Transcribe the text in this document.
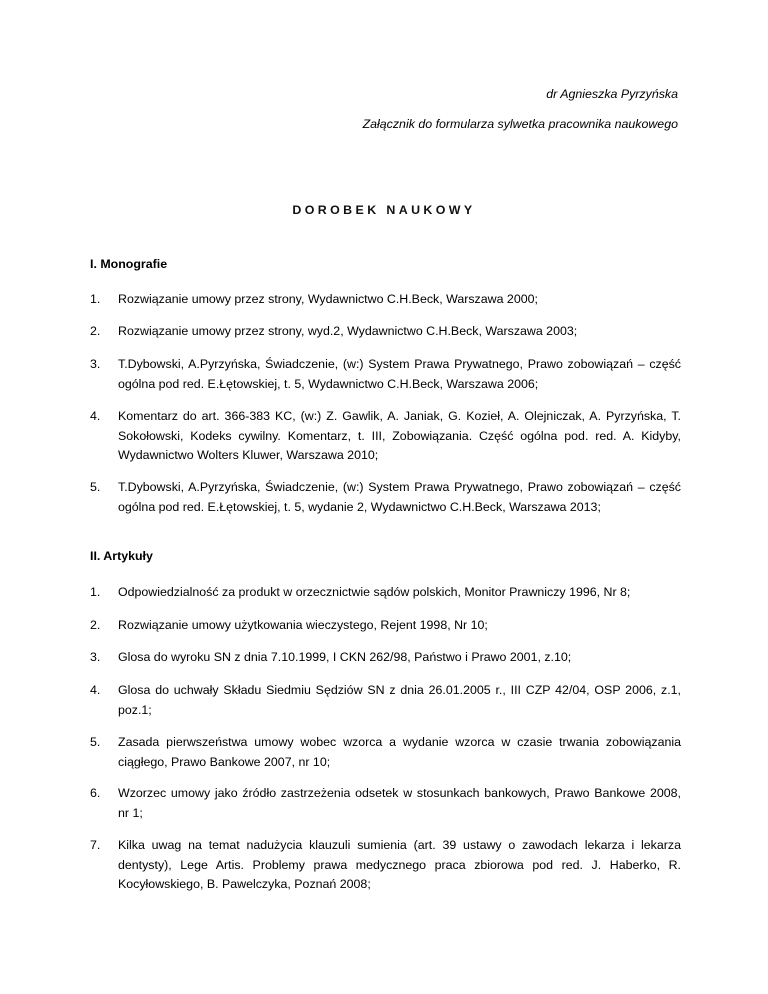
dr Agnieszka Pyrzyńska
Załącznik do formularza sylwetka pracownika naukowego
DOROBEK NAUKOWY
I. Monografie
1. Rozwiązanie umowy przez strony, Wydawnictwo C.H.Beck, Warszawa 2000;
2. Rozwiązanie umowy przez strony, wyd.2, Wydawnictwo C.H.Beck, Warszawa 2003;
3. T.Dybowski, A.Pyrzyńska, Świadczenie, (w:) System Prawa Prywatnego, Prawo zobowiązań – część ogólna pod red. E.Łętowskiej, t. 5, Wydawnictwo C.H.Beck, Warszawa 2006;
4. Komentarz do art. 366-383 KC, (w:) Z. Gawlik, A. Janiak, G. Kozieł, A. Olejniczak, A. Pyrzyńska, T. Sokołowski, Kodeks cywilny. Komentarz, t. III, Zobowiązania. Część ogólna pod. red. A. Kidyby, Wydawnictwo Wolters Kluwer, Warszawa 2010;
5. T.Dybowski, A.Pyrzyńska, Świadczenie, (w:) System Prawa Prywatnego, Prawo zobowiązań – część ogólna pod red. E.Łętowskiej, t. 5, wydanie 2, Wydawnictwo C.H.Beck, Warszawa 2013;
II. Artykuły
1. Odpowiedzialność za produkt w orzecznictwie sądów polskich, Monitor Prawniczy 1996, Nr 8;
2. Rozwiązanie umowy użytkowania wieczystego, Rejent 1998, Nr 10;
3. Glosa do wyroku SN z dnia 7.10.1999, I CKN 262/98, Państwo i Prawo 2001, z.10;
4. Glosa do uchwały Składu Siedmiu Sędziów SN z dnia 26.01.2005 r., III CZP 42/04, OSP 2006, z.1, poz.1;
5. Zasada pierwszeństwa umowy wobec wzorca a wydanie wzorca w czasie trwania zobowiązania ciągłego, Prawo Bankowe 2007, nr 10;
6. Wzorzec umowy jako źródło zastrzeżenia odsetek w stosunkach bankowych, Prawo Bankowe 2008, nr 1;
7. Kilka uwag na temat nadużycia klauzuli sumienia (art. 39 ustawy o zawodach lekarza i lekarza dentysty), Lege Artis. Problemy prawa medycznego praca zbiorowa pod red. J. Haberko, R. Kocyłowskiego, B. Pawelczyka, Poznań 2008;
